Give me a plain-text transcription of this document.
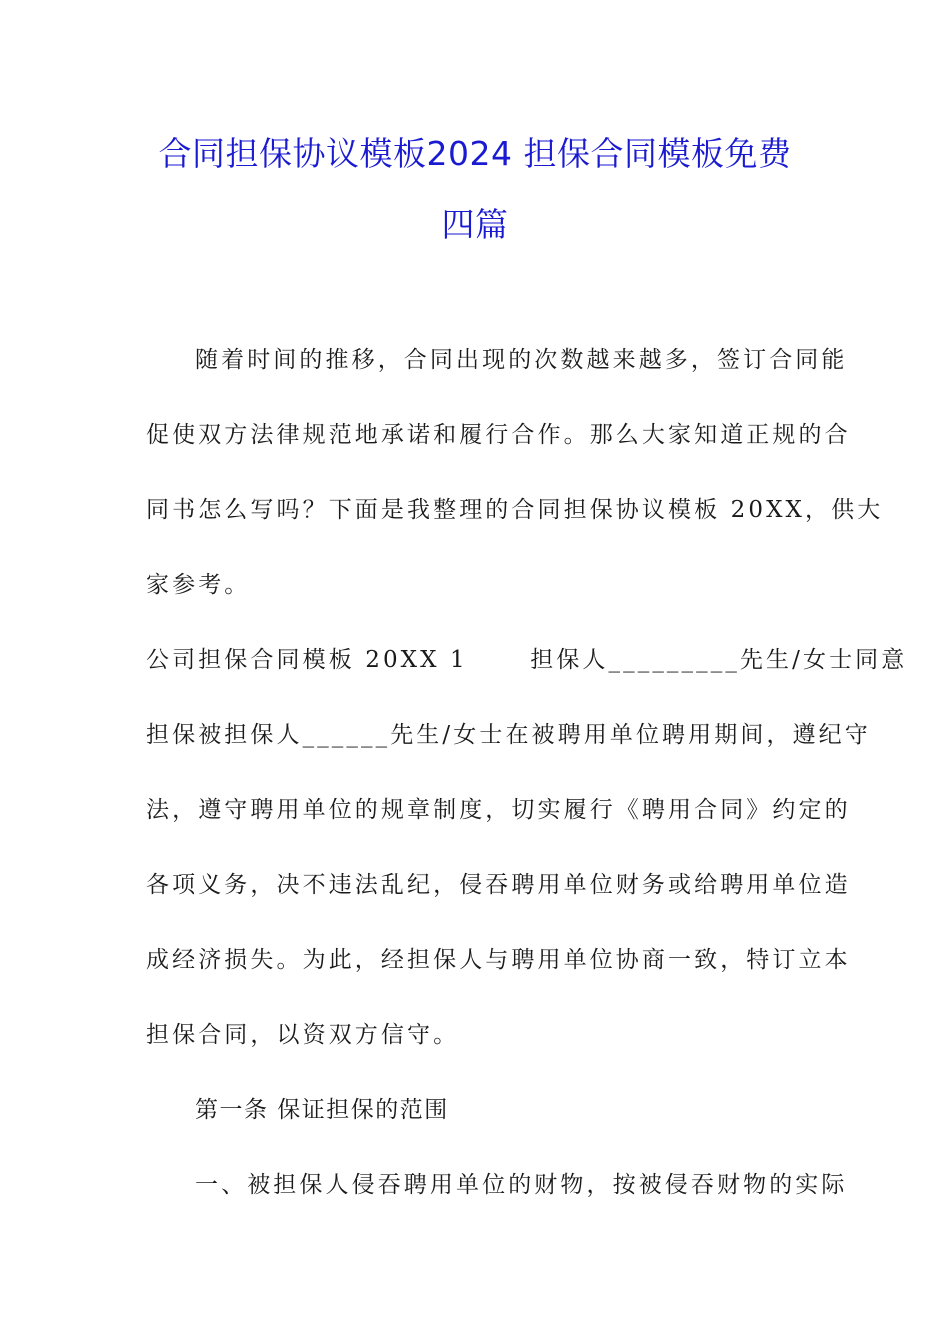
合同担保协议模板2024 担保合同模板免费
四篇
随着时间的推移，合同出现的次数越来越多，签订合同能
促使双方法律规范地承诺和履行合作。那么大家知道正规的合
同书怎么写吗？下面是我整理的合同担保协议模板 20XX，供大
家参考。
公司担保合同模板 20XX 1      担保人_________先生/女士同意
担保被担保人______先生/女士在被聘用单位聘用期间，遵纪守
法，遵守聘用单位的规章制度，切实履行《聘用合同》约定的
各项义务，决不违法乱纪，侵吞聘用单位财务或给聘用单位造
成经济损失。为此，经担保人与聘用单位协商一致，特订立本
担保合同，以资双方信守。
第一条 保证担保的范围
一、被担保人侵吞聘用单位的财物，按被侵吞财物的实际
